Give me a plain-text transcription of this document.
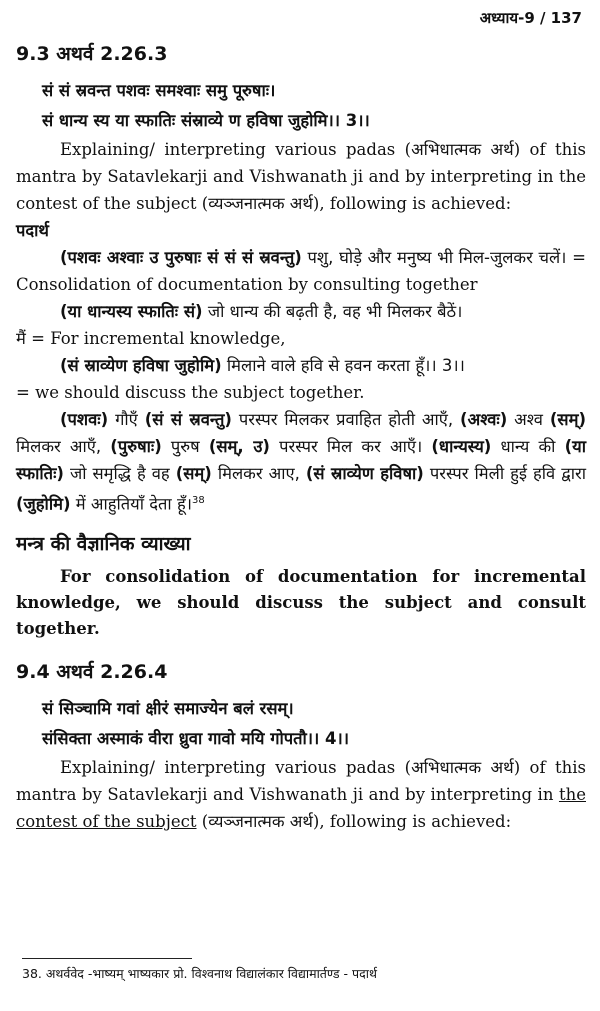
अध्याय-9 / 137
9.3 अथर्व 2.26.3
सं सं स्रवन्त पशवः समश्वाः समु पूरुषाः।
सं धान्य स्य या स्फातिः संस्राव्ये ण हविषा जुहोमि।। 3।।

Explaining/ interpreting various padas (अभिधात्मक अर्थ) of this mantra by Satavlekarji and Vishwanath ji and by interpreting in the contest of the subject (व्यञ्जनात्मक अर्थ), following is achieved:

पदार्थ

(पशवः अश्वाः उ पुरुषाः सं सं सं स्रवन्तु) पशु, घोड़े और मनुष्य भी मिल-जुलकर चलें। = Consolidation of documentation by consulting together

(या धान्यस्य स्फातिः सं) जो धान्य की बढ़ती है, वह भी मिलकर बैठें।

मैं = For incremental knowledge,

(सं स्राव्येण हविषा जुहोमि) मिलाने वाले हवि से हवन करता हूँ।। 3।।

= we should discuss the subject together.

(पशवः) गौएँ (सं सं स्रवन्तु) परस्पर मिलकर प्रवाहित होती आएँ, (अश्वः) अश्व (सम्) मिलकर आएँ, (पुरुषाः) पुरुष (सम्, उ) परस्पर मिल कर आएँ। (धान्यस्य) धान्य की (या स्फातिः) जो समृद्धि है वह (सम्) मिलकर आए, (सं स्राव्येण हविषा) परस्पर मिली हुई हवि द्वारा (जुहोमि) में आहुतियाँ देता हूँ।$^{38}$

मन्त्र की वैज्ञानिक व्याख्या

For consolidation of documentation for incremental knowledge, we should discuss the subject and consult together.

9.4 अथर्व 2.26.4
सं सिञ्चामि गवां क्षीरं समाज्येन बलं रसम्।
संसिक्ता अस्माकं वीरा ध्रुवा गावो मयि गोपतौ।। 4।।

Explaining/ interpreting various padas (अभिधात्मक अर्थ) of this mantra by Satavlekarji and Vishwanath ji and by interpreting in the contest of the subject (व्यञ्जनात्मक अर्थ), following is achieved:

38. अथर्ववेद -भाष्यम् भाष्यकार प्रो. विश्वनाथ विद्यालंकार विद्यामार्तण्ड - पदार्थ
